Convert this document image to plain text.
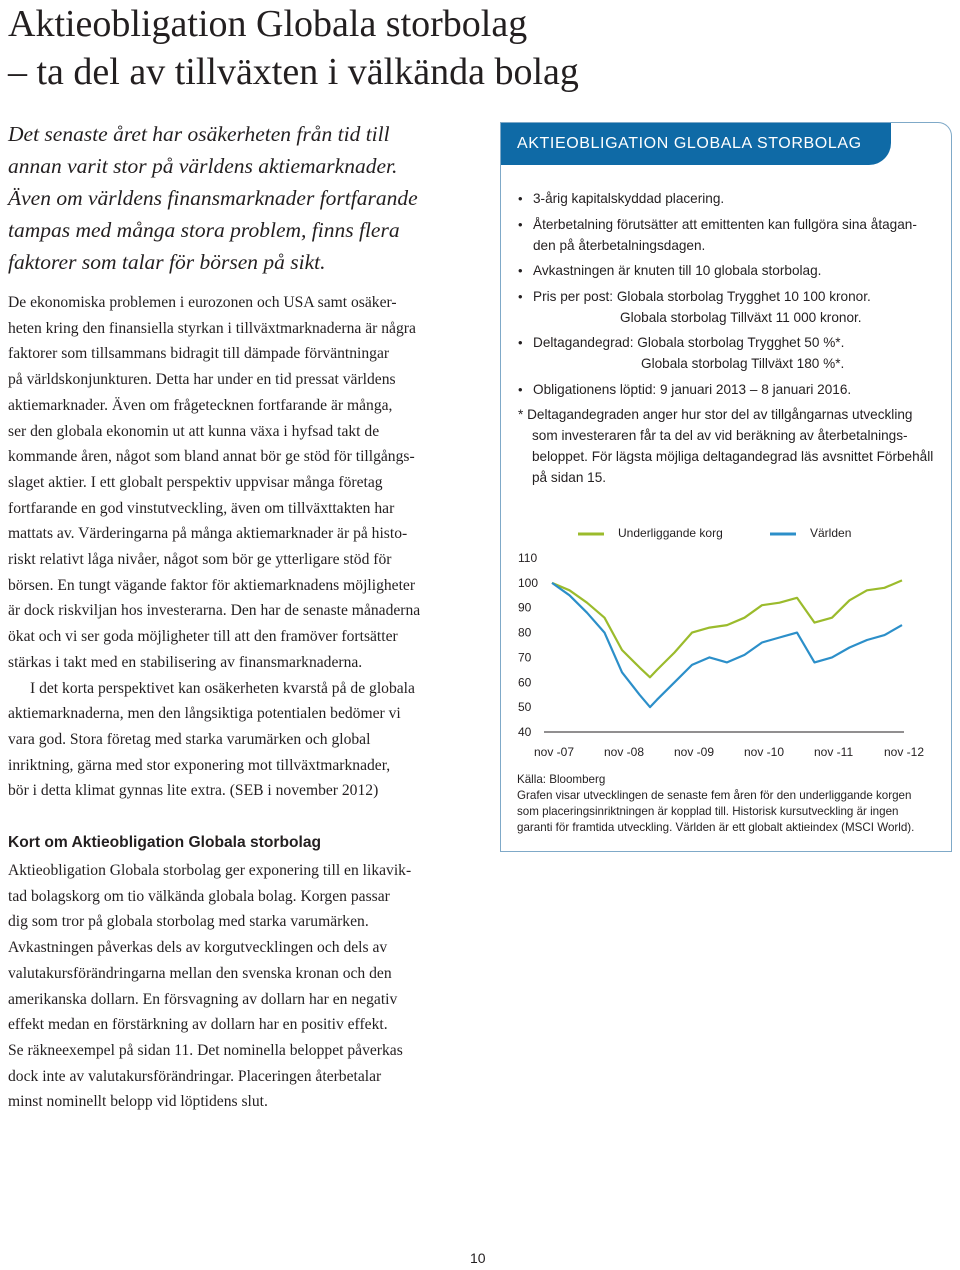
Aktieobligation Globala storbolag
– ta del av tillväxten i välkända bolag
Det senaste året har osäkerheten från tid till
annan varit stor på världens aktiemarknader.
Även om världens finansmarknader fortfarande
tampas med många stora problem, finns flera
faktorer som talar för börsen på sikt.
De ekonomiska problemen i eurozonen och USA samt osäker-
heten kring den finansiella styrkan i tillväxtmarknaderna är några
faktorer som tillsammans bidragit till dämpade förväntningar
på världskonjunkturen. Detta har under en tid pressat världens
aktiemarknader. Även om frågetecknen fortfarande är många,
ser den globala ekonomin ut att kunna växa i hyfsad takt de
kommande åren, något som bland annat bör ge stöd för tillgångs-
slaget aktier. I ett globalt perspektiv uppvisar många företag
fortfarande en god vinstutveckling, även om tillväxttakten har
mattats av. Värderingarna på många aktiemarknader är på histo-
riskt relativt låga nivåer, något som bör ge ytterligare stöd för
börsen. En tungt vägande faktor för aktiemarknadens möjligheter
är dock riskviljan hos investerarna. Den har de senaste månaderna
ökat och vi ser goda möjligheter till att den framöver fortsätter
stärkas i takt med en stabilisering av finansmarknaderna.
I det korta perspektivet kan osäkerheten kvarstå på de globala
aktiemarknaderna, men den långsiktiga potentialen bedömer vi
vara god. Stora företag med starka varumärken och global
inriktning, gärna med stor exponering mot tillväxtmarknader,
bör i detta klimat gynnas lite extra. (SEB i november 2012)
Kort om Aktieobligation Globala storbolag
Aktieobligation Globala storbolag ger exponering till en likavik-
tad bolagskorg om tio välkända globala bolag. Korgen passar
dig som tror på globala storbolag med starka varumärken.
Avkastningen påverkas dels av korgutvecklingen och dels av
valutakursförändringarna mellan den svenska kronan och den
amerikanska dollarn. En försvagning av dollarn har en negativ
effekt medan en förstärkning av dollarn har en positiv effekt.
Se räkneexempel på sidan 11. Det nominella beloppet påverkas
dock inte av valutakursförändringar. Placeringen återbetalar
minst nominellt belopp vid löptidens slut.
AKTIEOBLIGATION GLOBALA STORBOLAG
• 3-årig kapitalskyddad placering.
• Återbetalning förutsätter att emittenten kan fullgöra sina åtagan-
den på återbetalningsdagen.
• Avkastningen är knuten till 10 globala storbolag.
• Pris per post: Globala storbolag Trygghet 10 100 kronor.
Globala storbolag Tillväxt 11 000 kronor.
• Deltagandegrad: Globala storbolag Trygghet 50 %*.
Globala storbolag Tillväxt 180 %*.
• Obligationens löptid: 9 januari 2013 – 8 januari 2016.
* Deltagandegraden anger hur stor del av tillgångarnas utveckling
som investeraren får ta del av vid beräkning av återbetalnings-
beloppet. För lägsta möjliga deltagandegrad läs avsnittet Förbehåll
på sidan 15.
110
100
90
80
70
60
50
40
nov -07 nov -08 nov -09 nov -10 nov -11	nov -12
Underliggande korg	Världen
Källa: Bloomberg
Grafen visar utvecklingen de senaste fem åren för den underliggande korgen
som placeringsinriktningen är kopplad till. Historisk kursutveckling är ingen
garanti för framtida utveckling. Världen är ett globalt aktieindex (MSCI World).
10
